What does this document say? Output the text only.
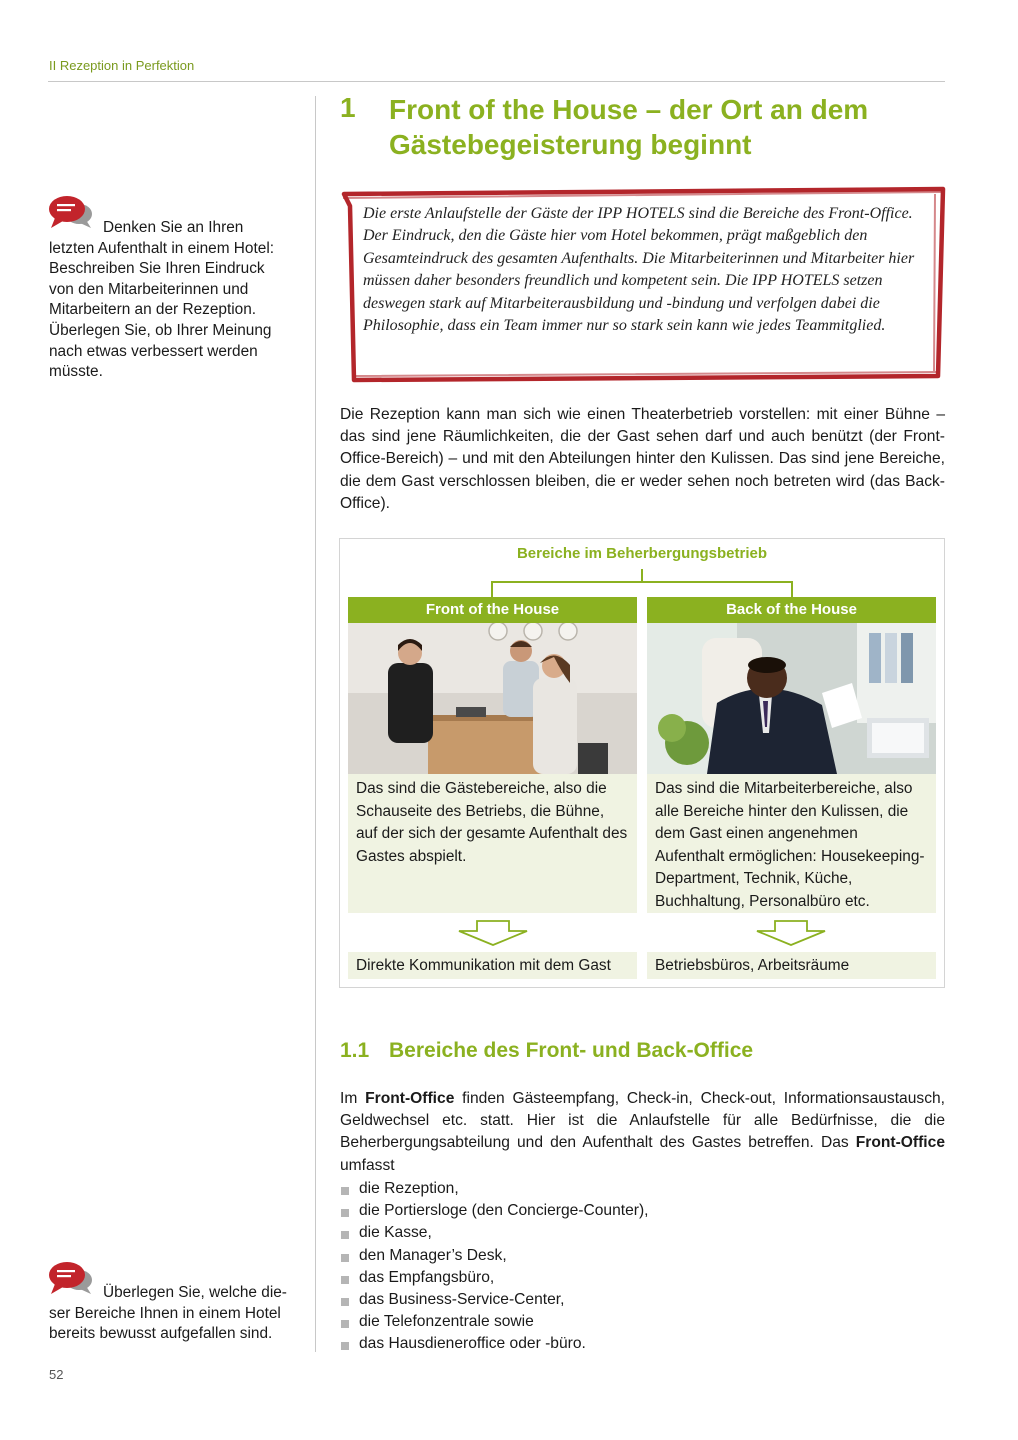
II Rezeption in Perfektion
Denken Sie an Ihren letzten Aufenthalt in einem Hotel: Beschreiben Sie Ihren Eindruck von den Mitarbeiterinnen und Mitarbeitern an der Rezeption. Überlegen Sie, ob Ihrer Meinung nach etwas verbessert werden müsste.
1 Front of the House – der Ort an dem Gästebegeisterung beginnt
Die erste Anlaufstelle der Gäste der IPP HOTELS sind die Bereiche des Front-Office. Der Eindruck, den die Gäste hier vom Hotel bekommen, prägt maßgeblich den Gesamteindruck des gesamten Aufenthalts. Die Mitarbeiterinnen und Mitarbeiter hier müssen daher besonders freundlich und kompetent sein. Die IPP HOTELS setzen deswegen stark auf Mitarbeiterausbildung und -bindung und verfolgen dabei die Philosophie, dass ein Team immer nur so stark sein kann wie jedes Teammitglied.
Die Rezeption kann man sich wie einen Theaterbetrieb vorstellen: mit einer Bühne – das sind jene Räumlichkeiten, die der Gast sehen darf und auch benützt (der Front-Office-Bereich) – und mit den Abteilungen hinter den Kulissen. Das sind jene Bereiche, die dem Gast verschlossen bleiben, die er weder sehen noch betreten wird (das Back-Office).
Bereiche im Beherbergungsbetrieb
Front of the House
Das sind die Gästebereiche, also die Schauseite des Betriebs, die Bühne, auf der sich der gesamte Aufenthalt des Gastes abspielt.
Direkte Kommunikation mit dem Gast
Back of the House
Das sind die Mitarbeiterbereiche, also alle Bereiche hinter den Kulissen, die dem Gast einen angenehmen Aufenthalt ermöglichen: Housekeeping-Department, Technik, Küche, Buchhaltung, Personalbüro etc.
Betriebsbüros, Arbeitsräume
1.1 Bereiche des Front- und Back-Office
Im Front-Office finden Gästeempfang, Check-in, Check-out, Informationsaustausch, Geldwechsel etc. statt. Hier ist die Anlaufstelle für alle Bedürfnisse, die die Beherbergungsabteilung und den Aufenthalt des Gastes betreffen. Das Front-Office umfasst
die Rezeption,
die Portiersloge (den Concierge-Counter),
die Kasse,
den Manager’s Desk,
das Empfangsbüro,
das Business-Service-Center,
die Telefonzentrale sowie
das Hausdieneroffice oder -büro.
Überlegen Sie, welche die- ser Bereiche Ihnen in einem Hotel bereits bewusst aufgefallen sind.
52
